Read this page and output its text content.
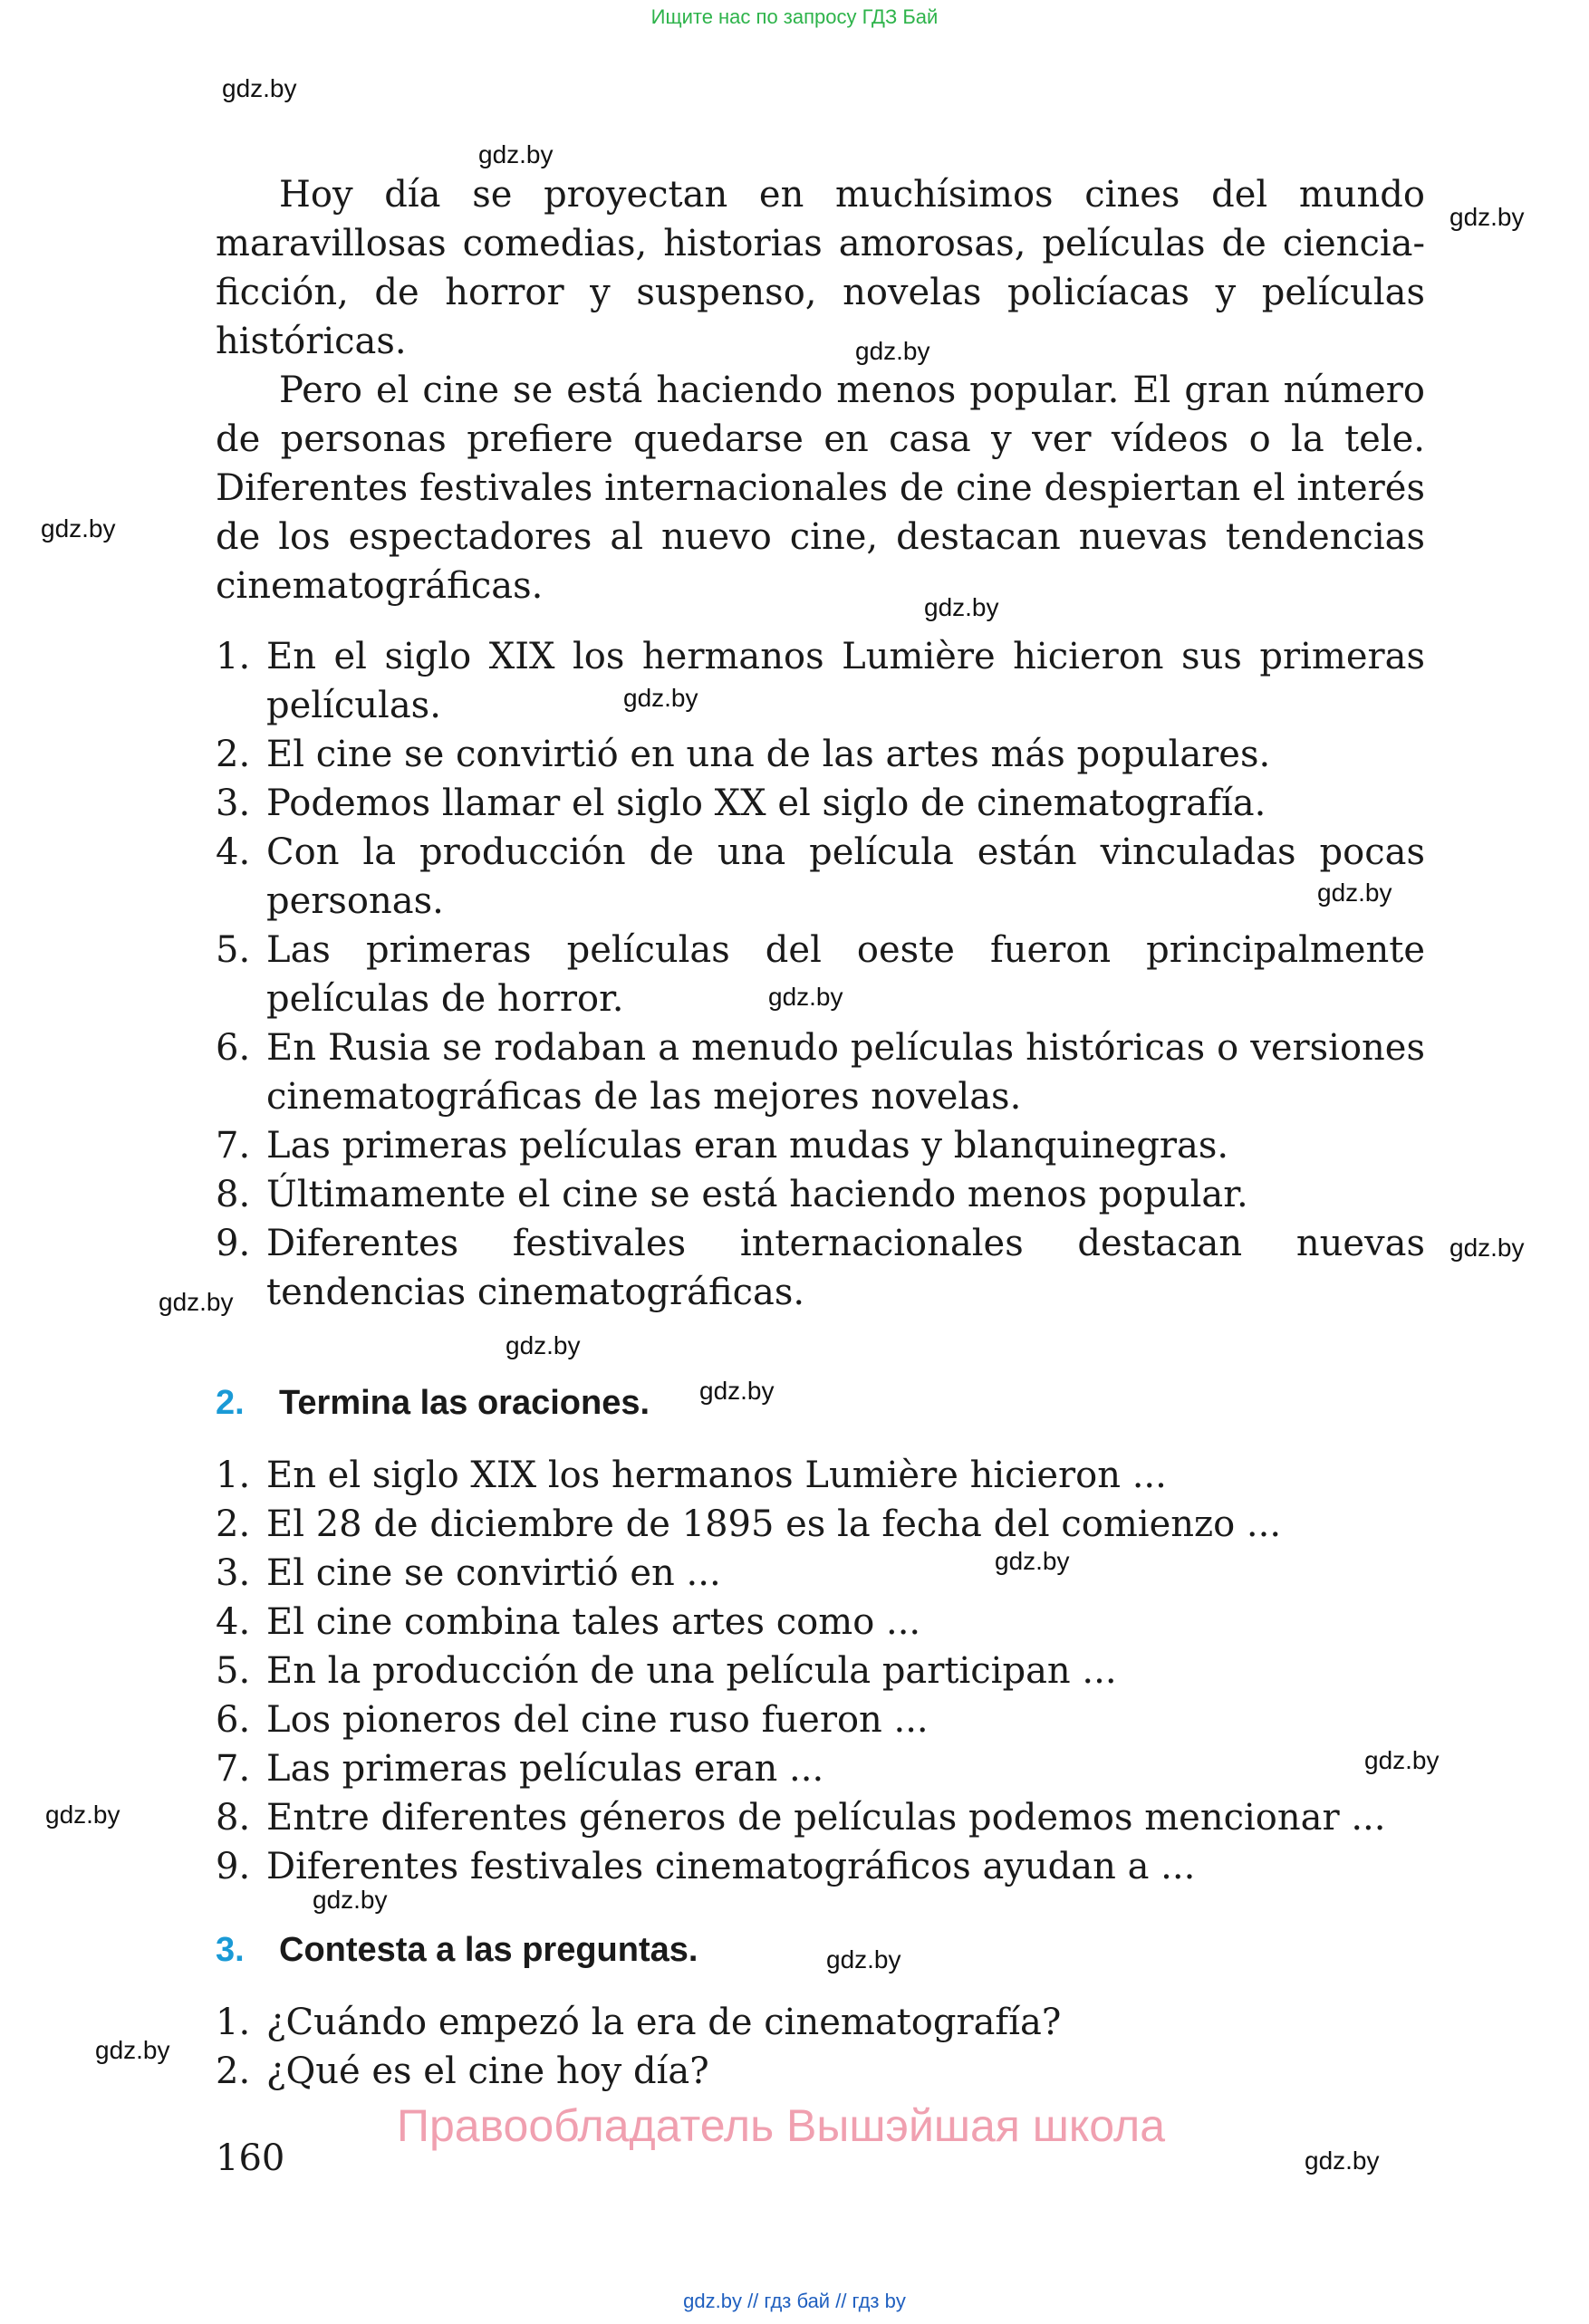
Ищите нас по запросу ГДЗ Бай
gdz.by
gdz.by
gdz.by
gdz.by
gdz.by
gdz.by
gdz.by
gdz.by
gdz.by
gdz.by
gdz.by
gdz.by
gdz.by
gdz.by
gdz.by
gdz.by
gdz.by
gdz.by
gdz.by
gdz.by

Hoy día se proyectan en muchísimos cines del mundo maravillosas comedias, historias amorosas, películas de ciencia-ficción, de horror y suspenso, novelas policíacas y películas históricas.

Pero el cine se está haciendo menos popular. El gran número de personas prefiere quedarse en casa y ver vídeos o la tele. Diferentes festivales internacionales de cine despiertan el interés de los espectadores al nuevo cine, destacan nuevas tendencias cinematográficas.

1. En el siglo XIX los hermanos Lumière hicieron sus primeras películas.
2. El cine se convirtió en una de las artes más populares.
3. Podemos llamar el siglo XX el siglo de cinematografía.
4. Con la producción de una película están vinculadas pocas personas.
5. Las primeras películas del oeste fueron principalmente películas de horror.
6. En Rusia se rodaban a menudo películas históricas o versiones cinematográficas de las mejores novelas.
7. Las primeras películas eran mudas y blanquinegras.
8. Últimamente el cine se está haciendo menos popular.
9. Diferentes festivales internacionales destacan nuevas tendencias cinematográficas.
2. Termina las oraciones.
1. En el siglo XIX los hermanos Lumière hicieron ...
2. El 28 de diciembre de 1895 es la fecha del comienzo ...
3. El cine se convirtió en ...
4. El cine combina tales artes como ...
5. En la producción de una película participan ...
6. Los pioneros del cine ruso fueron ...
7. Las primeras películas eran ...
8. Entre diferentes géneros de películas podemos mencionar ...
9. Diferentes festivales cinematográficos ayudan a ...
3. Contesta a las preguntas.
1. ¿Cuándo empezó la era de cinematografía?
2. ¿Qué es el cine hoy día?
Правообладатель Вышэйшая школа
160
gdz.by // гдз бай // гдз by
